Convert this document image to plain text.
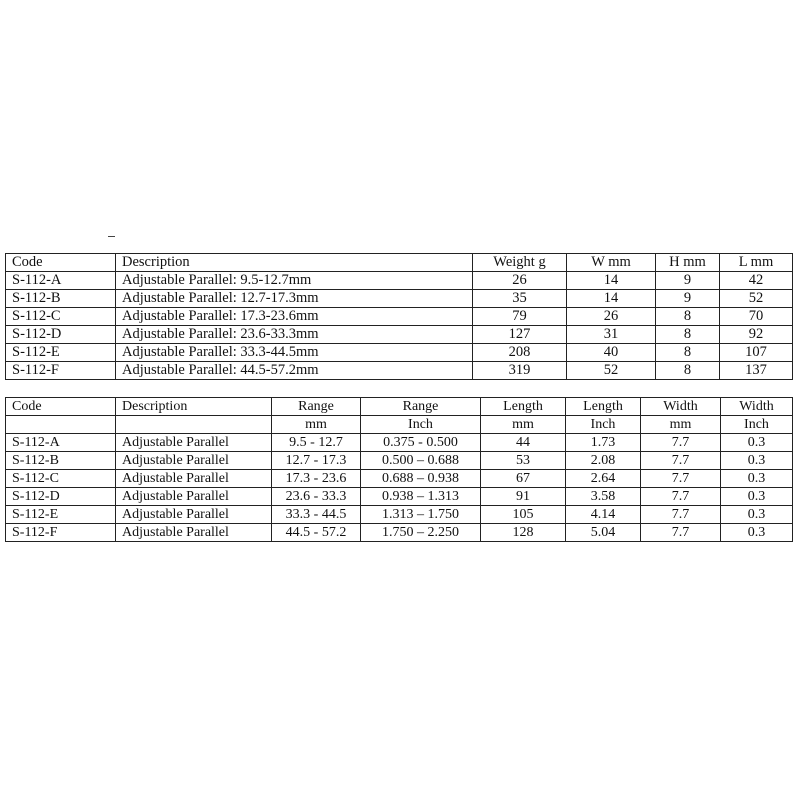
Code	Description	Weight g	W mm	H mm	L mm
S-112-A	Adjustable Parallel: 9.5-12.7mm	26	14	9	42
S-112-B	Adjustable Parallel: 12.7-17.3mm	35	14	9	52
S-112-C	Adjustable Parallel: 17.3-23.6mm	79	26	8	70
S-112-D	Adjustable Parallel: 23.6-33.3mm	127	31	8	92
S-112-E	Adjustable Parallel: 33.3-44.5mm	208	40	8	107
S-112-F	Adjustable Parallel: 44.5-57.2mm	319	52	8	137
Code	Description	Range	Range	Length	Length	Width	Width
		mm	Inch	mm	Inch	mm	Inch
S-112-A	Adjustable Parallel	9.5 - 12.7	0.375 - 0.500	44	1.73	7.7	0.3
S-112-B	Adjustable Parallel	12.7 - 17.3	0.500 – 0.688	53	2.08	7.7	0.3
S-112-C	Adjustable Parallel	17.3 - 23.6	0.688 – 0.938	67	2.64	7.7	0.3
S-112-D	Adjustable Parallel	23.6 - 33.3	0.938 – 1.313	91	3.58	7.7	0.3
S-112-E	Adjustable Parallel	33.3 - 44.5	1.313 – 1.750	105	4.14	7.7	0.3
S-112-F	Adjustable Parallel	44.5 - 57.2	1.750 – 2.250	128	5.04	7.7	0.3
